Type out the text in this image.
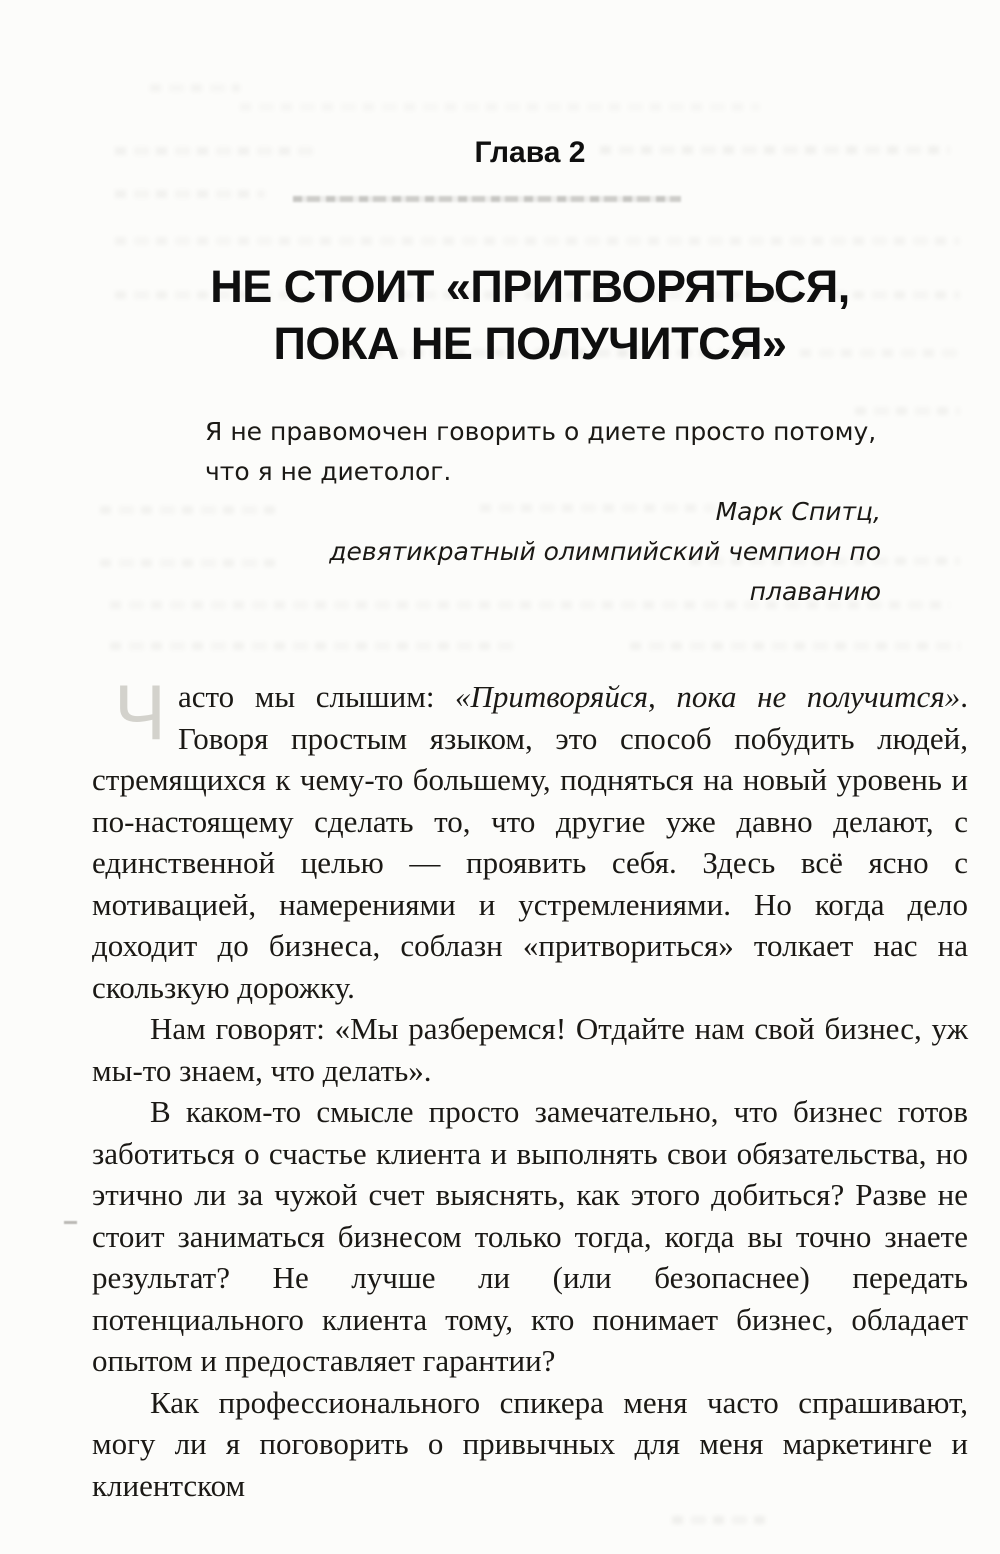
Глава 2
НЕ СТОИТ «ПРИТВОРЯТЬСЯ,
ПОКА НЕ ПОЛУЧИТСЯ»

Я не правомочен говорить о диете просто потому, что я не диетолог.

Марк Спитц,

девятикратный олимпийский чемпион по плаванию

Часто мы слышим: «Притворяйся, пока не получится». Говоря простым языком, это способ побудить людей, стремящихся к чему-то большему, подняться на новый уровень и по-настоящему сделать то, что другие уже давно делают, с единственной целью — проявить себя. Здесь всё ясно с мотивацией, намерениями и устремлениями. Но когда дело доходит до бизнеса, соблазн «притвориться» толкает нас на скользкую дорожку.

Нам говорят: «Мы разберемся! Отдайте нам свой бизнес, уж мы-то знаем, что делать».

В каком-то смысле просто замечательно, что бизнес готов заботиться о счастье клиента и выполнять свои обязательства, но этично ли за чужой счет выяснять, как этого добиться? Разве не стоит заниматься бизнесом только тогда, когда вы точно знаете результат? Не лучше ли (или безопаснее) передать потенциального клиента тому, кто понимает бизнес, обладает опытом и предоставляет гарантии?

Как профессионального спикера меня часто спрашивают, могу ли я поговорить о привычных для меня маркетинге и клиентском
